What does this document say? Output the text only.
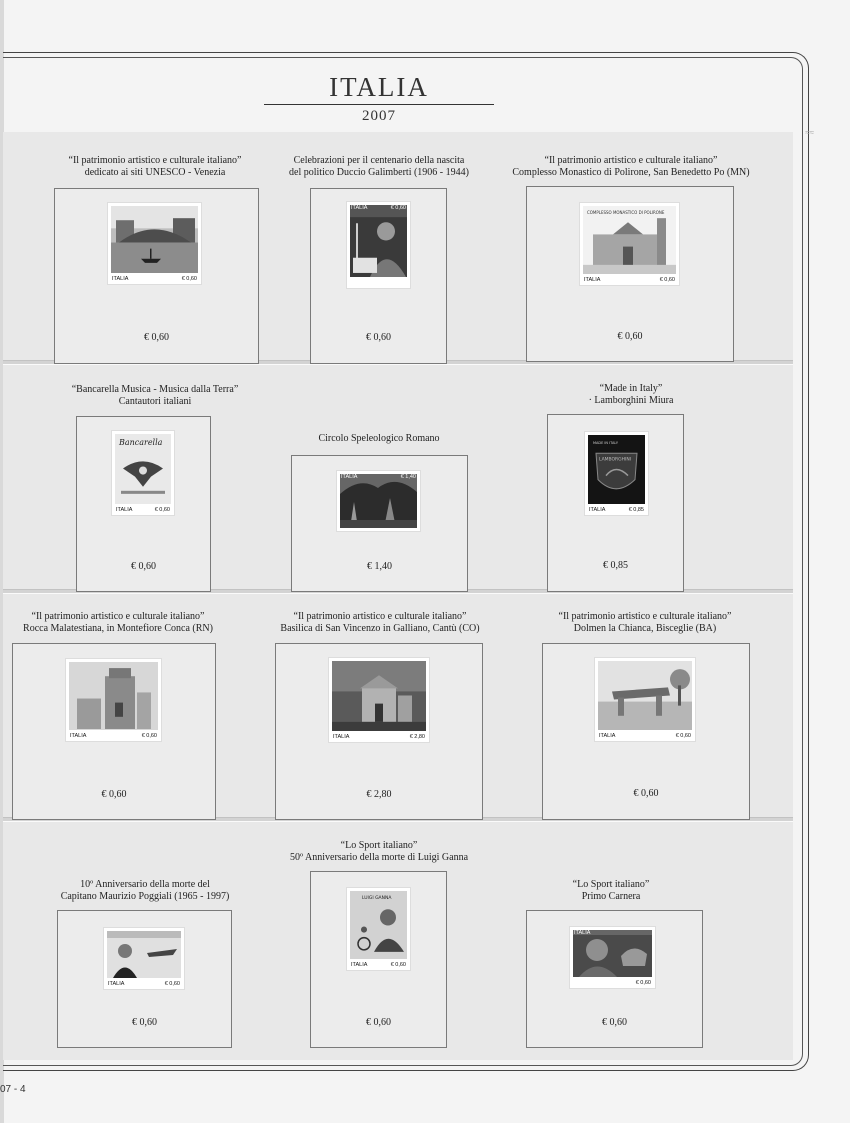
ITALIA
2007
≈≈
“Il patrimonio artistico e culturale italiano”
dedicato ai siti UNESCO - Venezia
ITALIA	€ 0,60
€ 0,60
Celebrazioni per il centenario della nascita
del politico Duccio Galimberti (1906 - 1944)
ITALIA	€ 0,60
€ 0,60
“Il patrimonio artistico e culturale italiano”
Complesso Monastico di Polirone, San Benedetto Po (MN)
COMPLESSO MONASTICO DI POLIRONE
ITALIA	€ 0,60
€ 0,60
“Bancarella Musica - Musica dalla Terra”
Cantautori italiani
Bancarella
ITALIA	€ 0,60
€ 0,60
Circolo Speleologico Romano
ITALIA	€ 1,40
€ 1,40
“Made in Italy”
· Lamborghini Miura
MADE IN ITALY
LAMBORGHINI
ITALIA	€ 0,85
€ 0,85
“Il patrimonio artistico e culturale italiano”
Rocca Malatestiana, in Montefiore Conca (RN)
ITALIA	€ 0,60
€ 0,60
“Il patrimonio artistico e culturale italiano”
Basilica di San Vincenzo in Galliano, Cantù (CO)
ITALIA	€ 2,80
€ 2,80
“Il patrimonio artistico e culturale italiano”
Dolmen la Chianca, Bisceglie (BA)
ITALIA	€ 0,60
€ 0,60
10º Anniversario della morte del
Capitano Maurizio Poggiali (1965 - 1997)
ITALIA	€ 0,60
€ 0,60
“Lo Sport italiano”
50º Anniversario della morte di Luigi Ganna
LUIGI GANNA
ITALIA	€ 0,60
€ 0,60
“Lo Sport italiano”
Primo Carnera
ITALIA
€ 0,60
€ 0,60
07 - 4
